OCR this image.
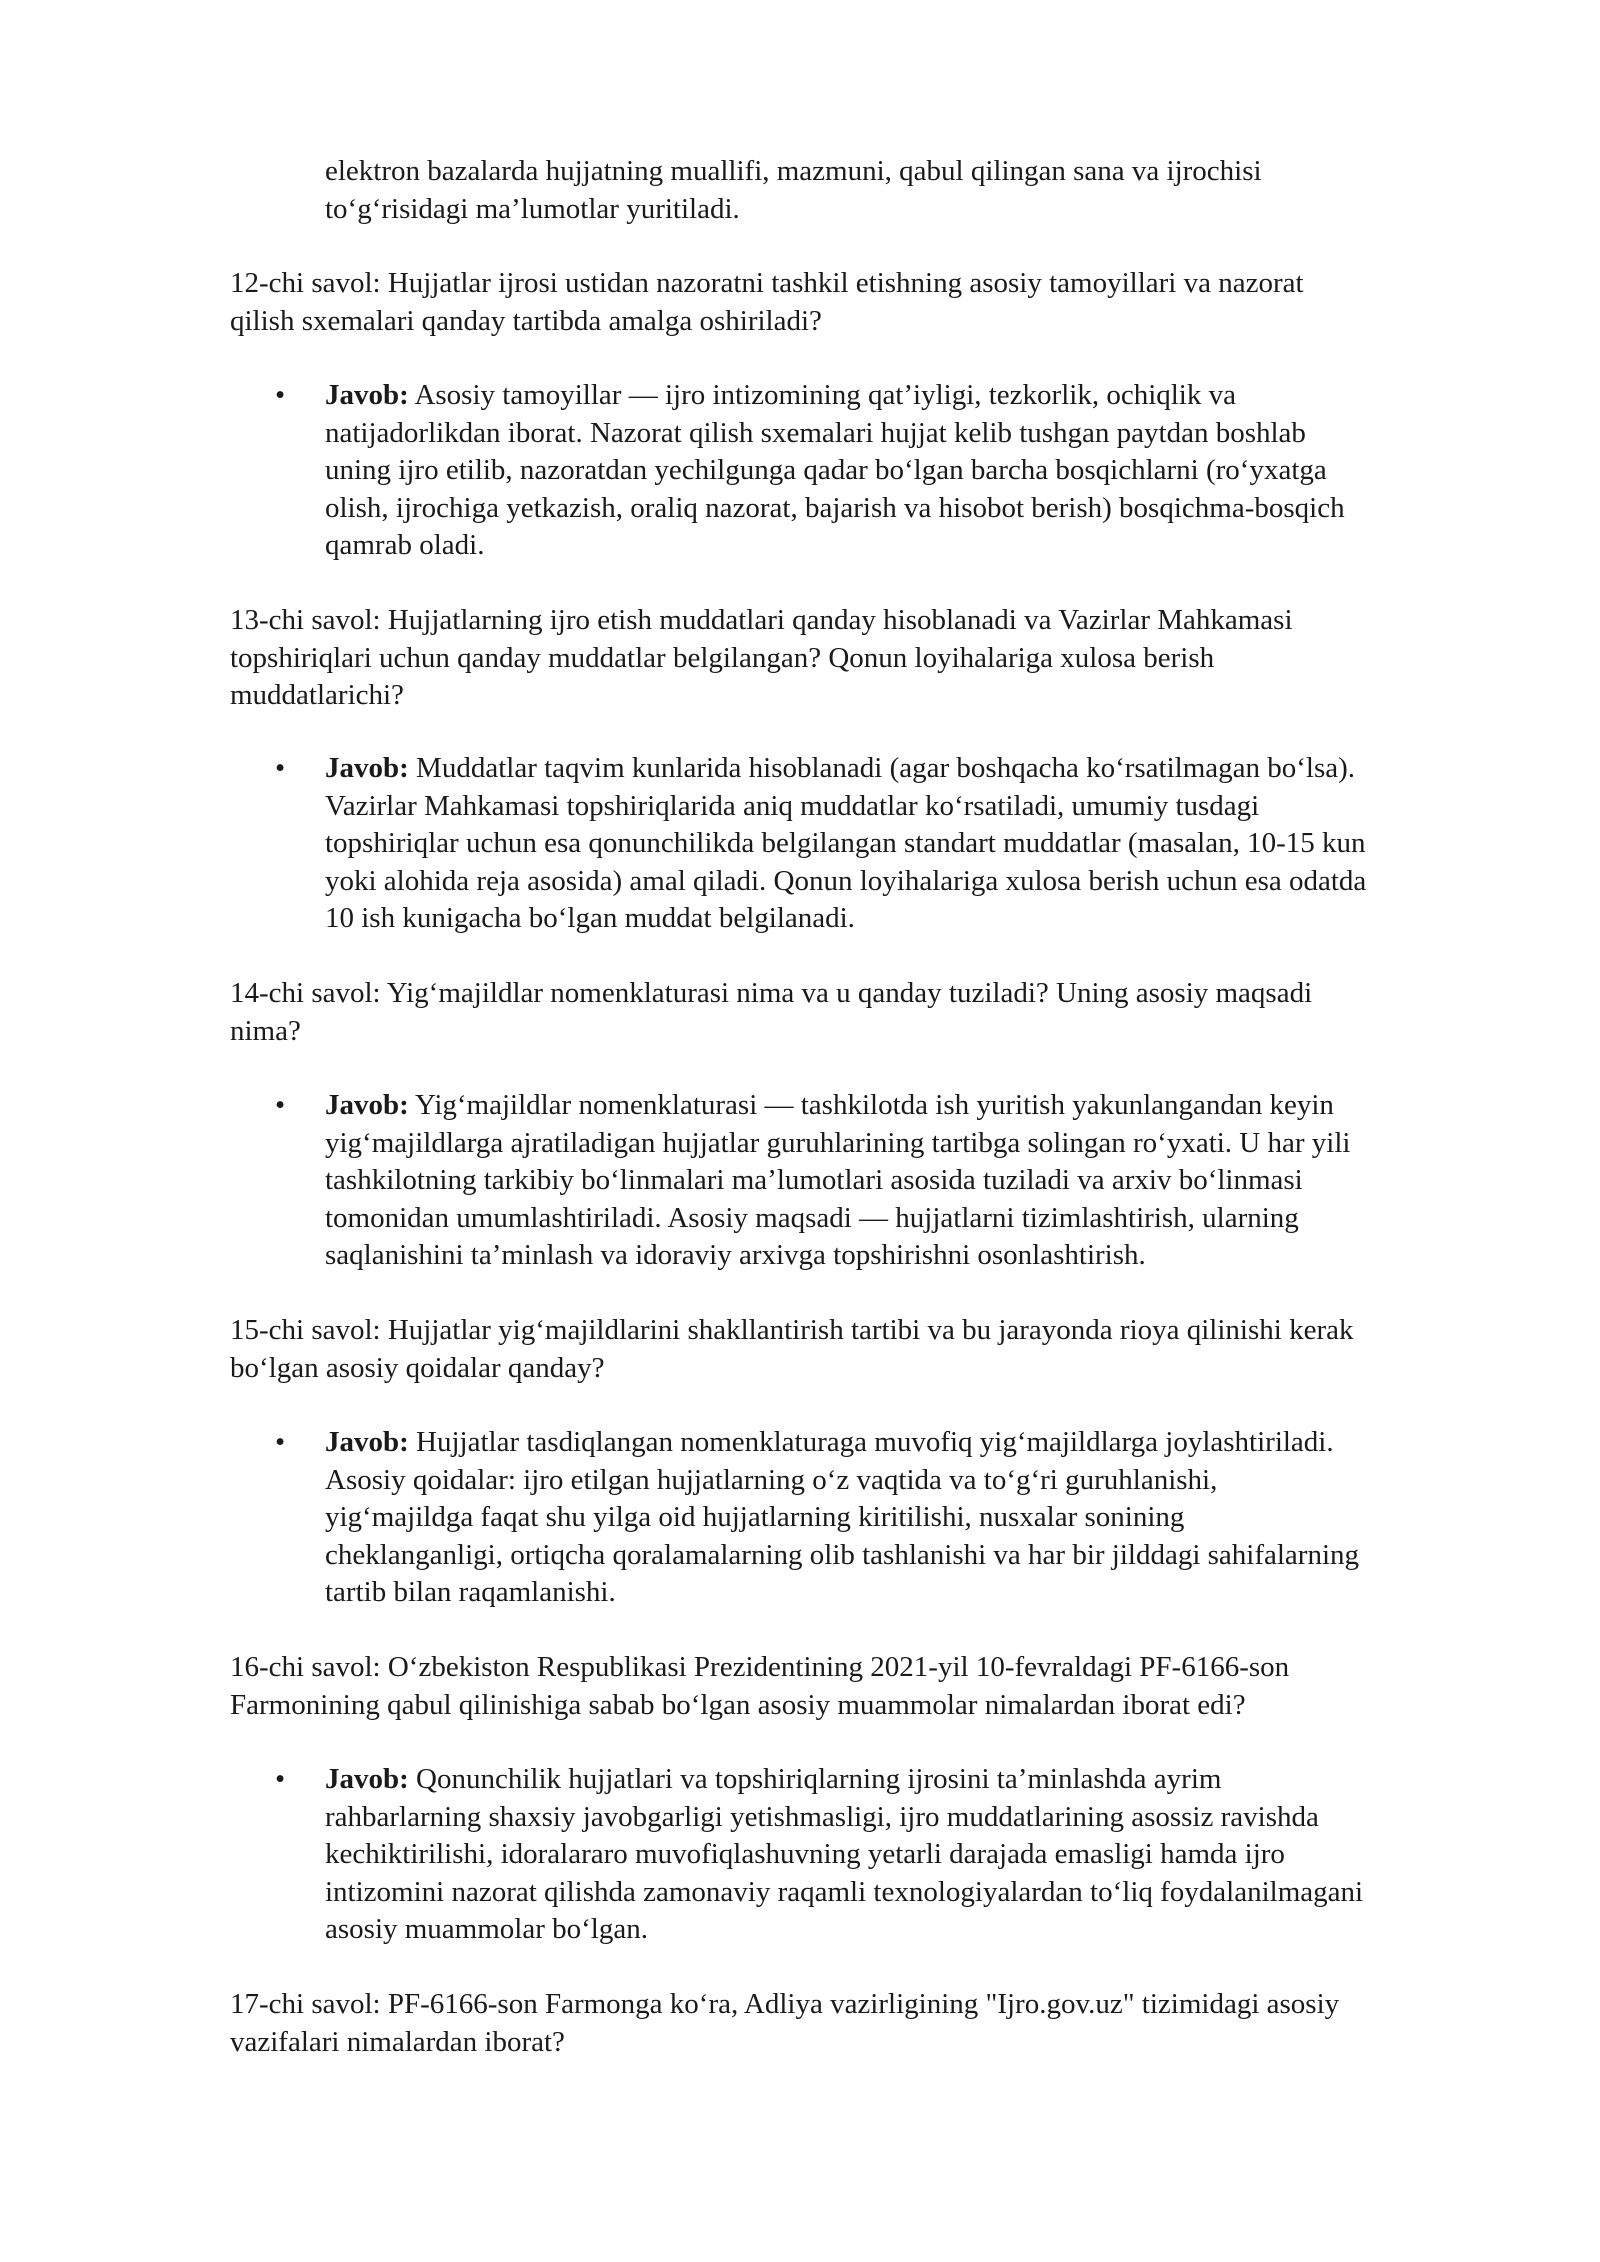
elektron bazalarda hujjatning muallifi, mazmuni, qabul qilingan sana va ijrochisi
to‘g‘risidagi ma’lumotlar yuritiladi.
12-chi savol: Hujjatlar ijrosi ustidan nazoratni tashkil etishning asosiy tamoyillari va nazorat
qilish sxemalari qanday tartibda amalga oshiriladi?
• Javob: Asosiy tamoyillar — ijro intizomining qat’iyligi, tezkorlik, ochiqlik va
natijadorlikdan iborat. Nazorat qilish sxemalari hujjat kelib tushgan paytdan boshlab
uning ijro etilib, nazoratdan yechilgunga qadar bo‘lgan barcha bosqichlarni (ro‘yxatga
olish, ijrochiga yetkazish, oraliq nazorat, bajarish va hisobot berish) bosqichma-bosqich
qamrab oladi.
13-chi savol: Hujjatlarning ijro etish muddatlari qanday hisoblanadi va Vazirlar Mahkamasi
topshiriqlari uchun qanday muddatlar belgilangan? Qonun loyihalariga xulosa berish
muddatlarichi?
• Javob: Muddatlar taqvim kunlarida hisoblanadi (agar boshqacha ko‘rsatilmagan bo‘lsa).
Vazirlar Mahkamasi topshiriqlarida aniq muddatlar ko‘rsatiladi, umumiy tusdagi
topshiriqlar uchun esa qonunchilikda belgilangan standart muddatlar (masalan, 10-15 kun
yoki alohida reja asosida) amal qiladi. Qonun loyihalariga xulosa berish uchun esa odatda
10 ish kunigacha bo‘lgan muddat belgilanadi.
14-chi savol: Yig‘majildlar nomenklaturasi nima va u qanday tuziladi? Uning asosiy maqsadi
nima?
• Javob: Yig‘majildlar nomenklaturasi — tashkilotda ish yuritish yakunlangandan keyin
yig‘majildlarga ajratiladigan hujjatlar guruhlarining tartibga solingan ro‘yxati. U har yili
tashkilotning tarkibiy bo‘linmalari ma’lumotlari asosida tuziladi va arxiv bo‘linmasi
tomonidan umumlashtiriladi. Asosiy maqsadi — hujjatlarni tizimlashtirish, ularning
saqlanishini ta’minlash va idoraviy arxivga topshirishni osonlashtirish.
15-chi savol: Hujjatlar yig‘majildlarini shakllantirish tartibi va bu jarayonda rioya qilinishi kerak
bo‘lgan asosiy qoidalar qanday?
• Javob: Hujjatlar tasdiqlangan nomenklaturaga muvofiq yig‘majildlarga joylashtiriladi.
Asosiy qoidalar: ijro etilgan hujjatlarning o‘z vaqtida va to‘g‘ri guruhlanishi,
yig‘majildga faqat shu yilga oid hujjatlarning kiritilishi, nusxalar sonining
cheklanganligi, ortiqcha qoralamalarning olib tashlanishi va har bir jilddagi sahifalarning
tartib bilan raqamlanishi.
16-chi savol: O‘zbekiston Respublikasi Prezidentining 2021-yil 10-fevraldagi PF-6166-son
Farmonining qabul qilinishiga sabab bo‘lgan asosiy muammolar nimalardan iborat edi?
• Javob: Qonunchilik hujjatlari va topshiriqlarning ijrosini ta’minlashda ayrim
rahbarlarning shaxsiy javobgarligi yetishmasligi, ijro muddatlarining asossiz ravishda
kechiktirilishi, idoralararo muvofiqlashuvning yetarli darajada emasligi hamda ijro
intizomini nazorat qilishda zamonaviy raqamli texnologiyalardan to‘liq foydalanilmagani
asosiy muammolar bo‘lgan.
17-chi savol: PF-6166-son Farmonga ko‘ra, Adliya vazirligining "Ijro.gov.uz" tizimidagi asosiy
vazifalari nimalardan iborat?
